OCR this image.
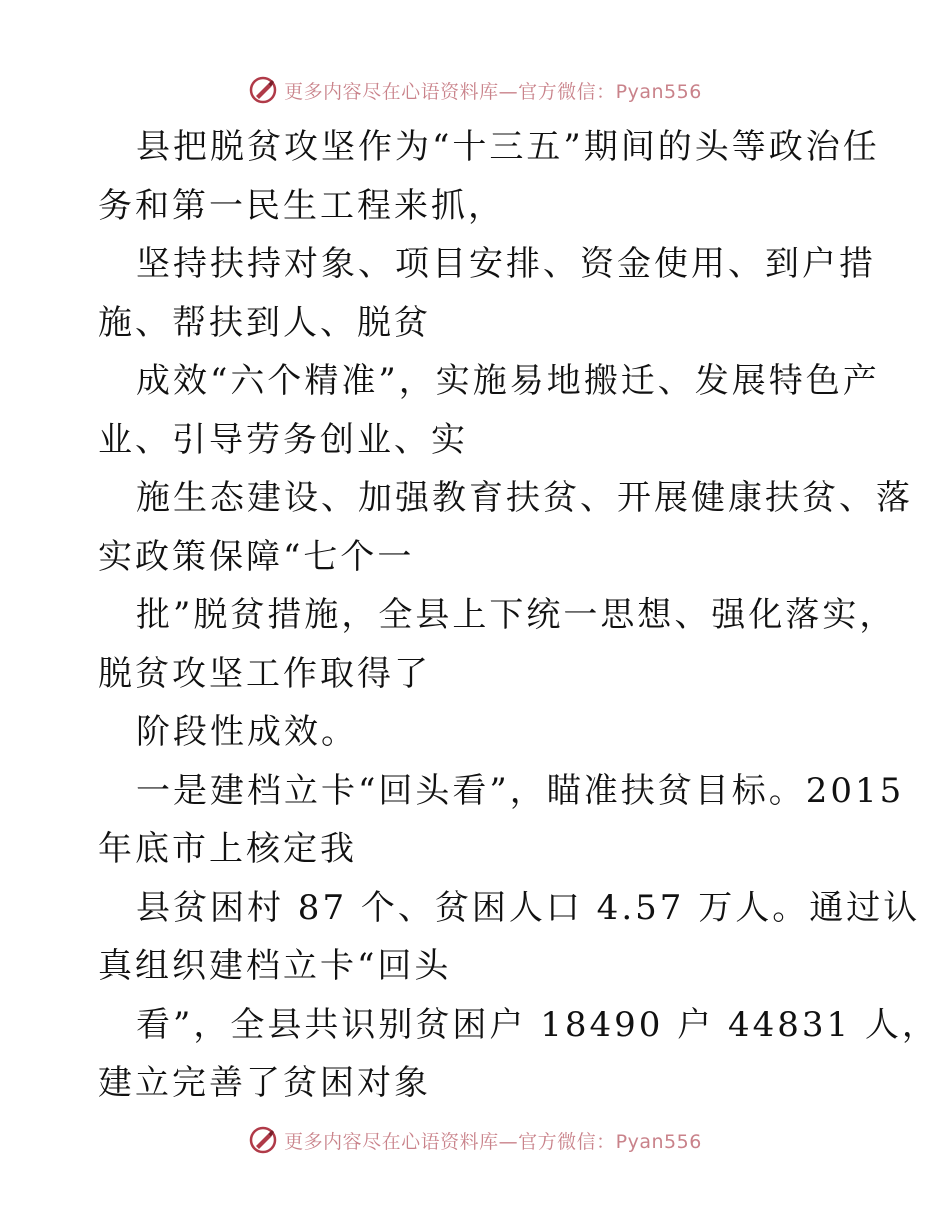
更多内容尽在心语资料库—官方微信：Pyan556
县把脱贫攻坚作为“十三五”期间的头等政治任
务和第一民生工程来抓，
坚持扶持对象、项目安排、资金使用、到户措
施、帮扶到人、脱贫
成效“六个精准”，实施易地搬迁、发展特色产
业、引导劳务创业、实
施生态建设、加强教育扶贫、开展健康扶贫、落
实政策保障“七个一
批”脱贫措施，全县上下统一思想、强化落实，
脱贫攻坚工作取得了
阶段性成效。
一是建档立卡“回头看”，瞄准扶贫目标。2015
年底市上核定我
县贫困村 87 个、贫困人口 4.57 万人。通过认
真组织建档立卡“回头
看”，全县共识别贫困户 18490 户 44831 人，
建立完善了贫困对象
更多内容尽在心语资料库—官方微信：Pyan556
